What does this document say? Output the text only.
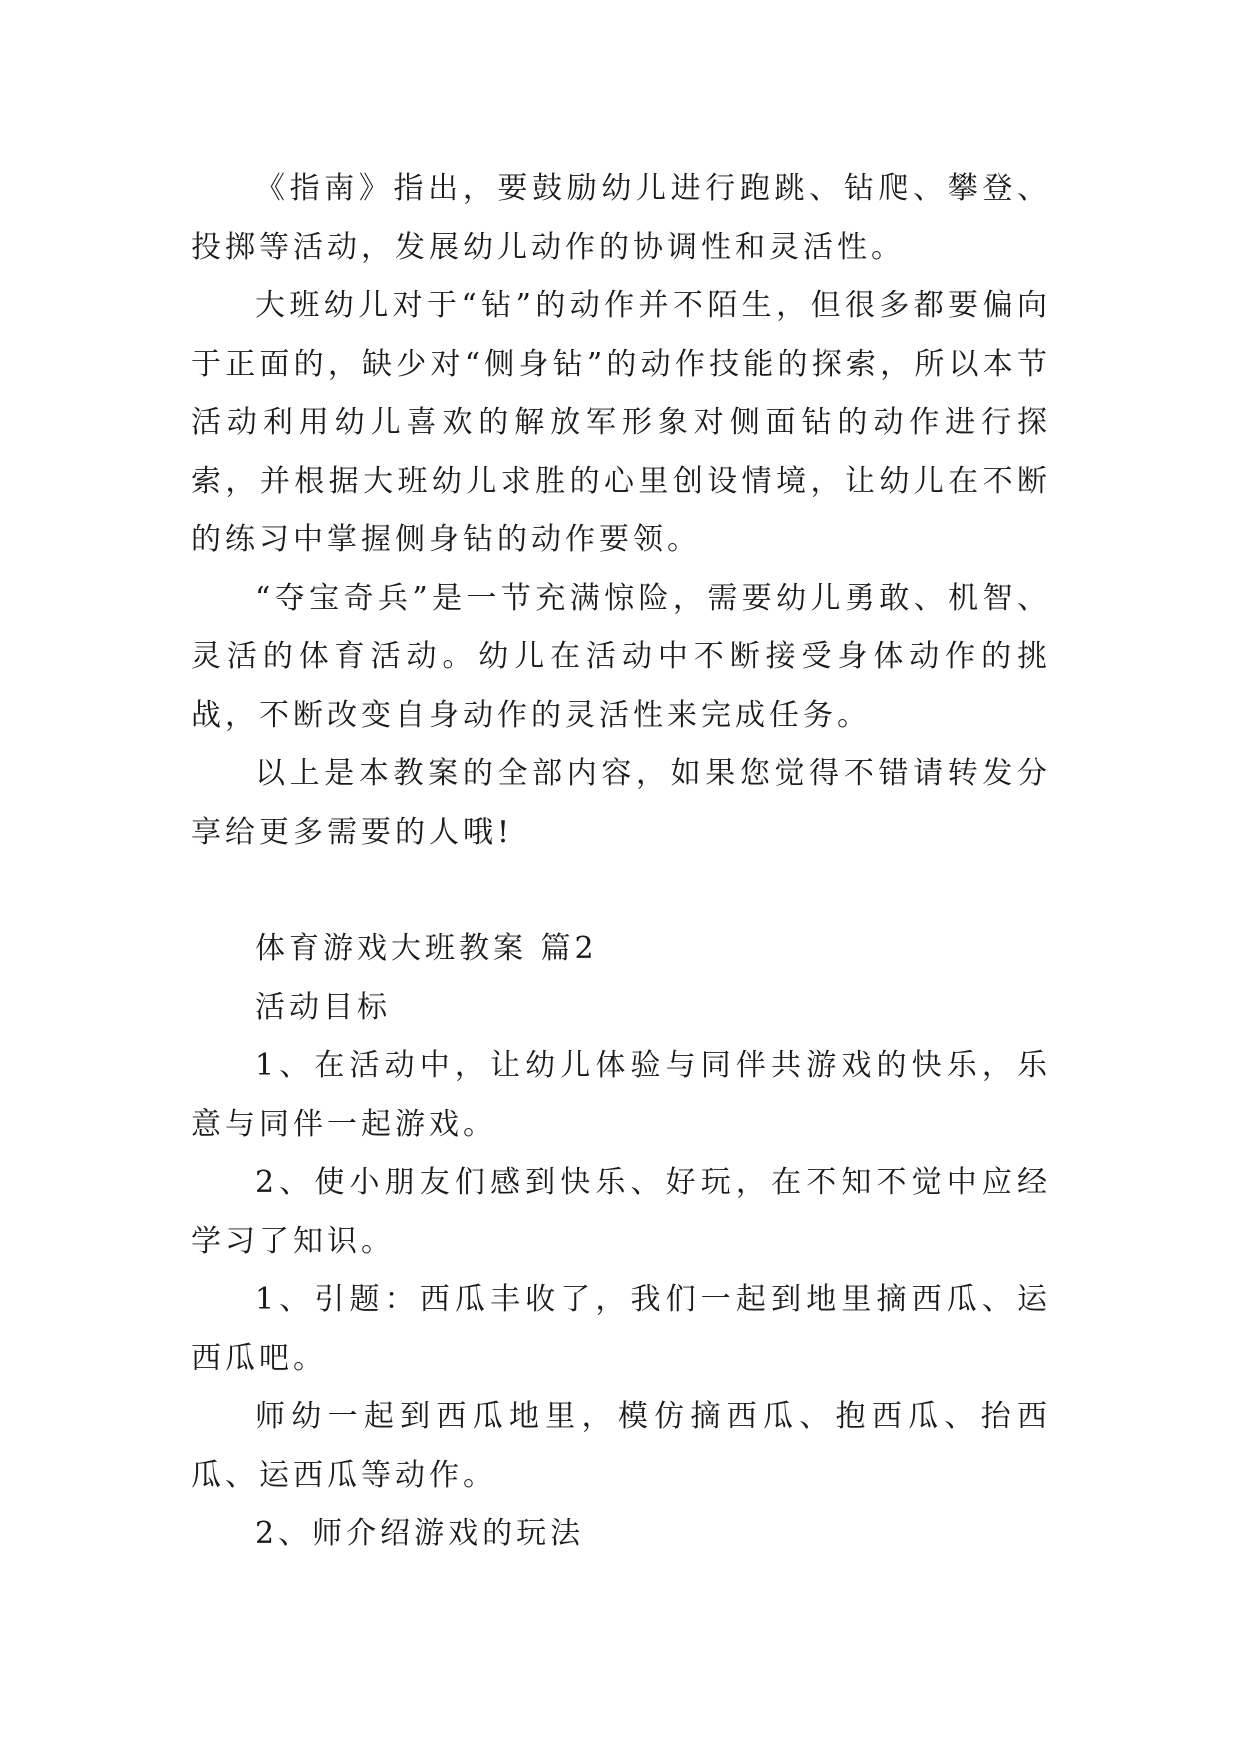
《指南》指出，要鼓励幼儿进行跑跳、钻爬、攀登、投掷等活动，发展幼儿动作的协调性和灵活性。

大班幼儿对于“钻”的动作并不陌生，但很多都要偏向于正面的，缺少对“侧身钻”的动作技能的探索，所以本节活动利用幼儿喜欢的解放军形象对侧面钻的动作进行探索，并根据大班幼儿求胜的心里创设情境，让幼儿在不断的练习中掌握侧身钻的动作要领。

“夺宝奇兵”是一节充满惊险，需要幼儿勇敢、机智、灵活的体育活动。幼儿在活动中不断接受身体动作的挑战，不断改变自身动作的灵活性来完成任务。

以上是本教案的全部内容，如果您觉得不错请转发分享给更多需要的人哦!

体育游戏大班教案 篇2

活动目标

1、在活动中，让幼儿体验与同伴共游戏的快乐，乐意与同伴一起游戏。

2、使小朋友们感到快乐、好玩，在不知不觉中应经学习了知识。

1、引题：西瓜丰收了，我们一起到地里摘西瓜、运西瓜吧。

师幼一起到西瓜地里，模仿摘西瓜、抱西瓜、抬西瓜、运西瓜等动作。

2、师介绍游戏的玩法
